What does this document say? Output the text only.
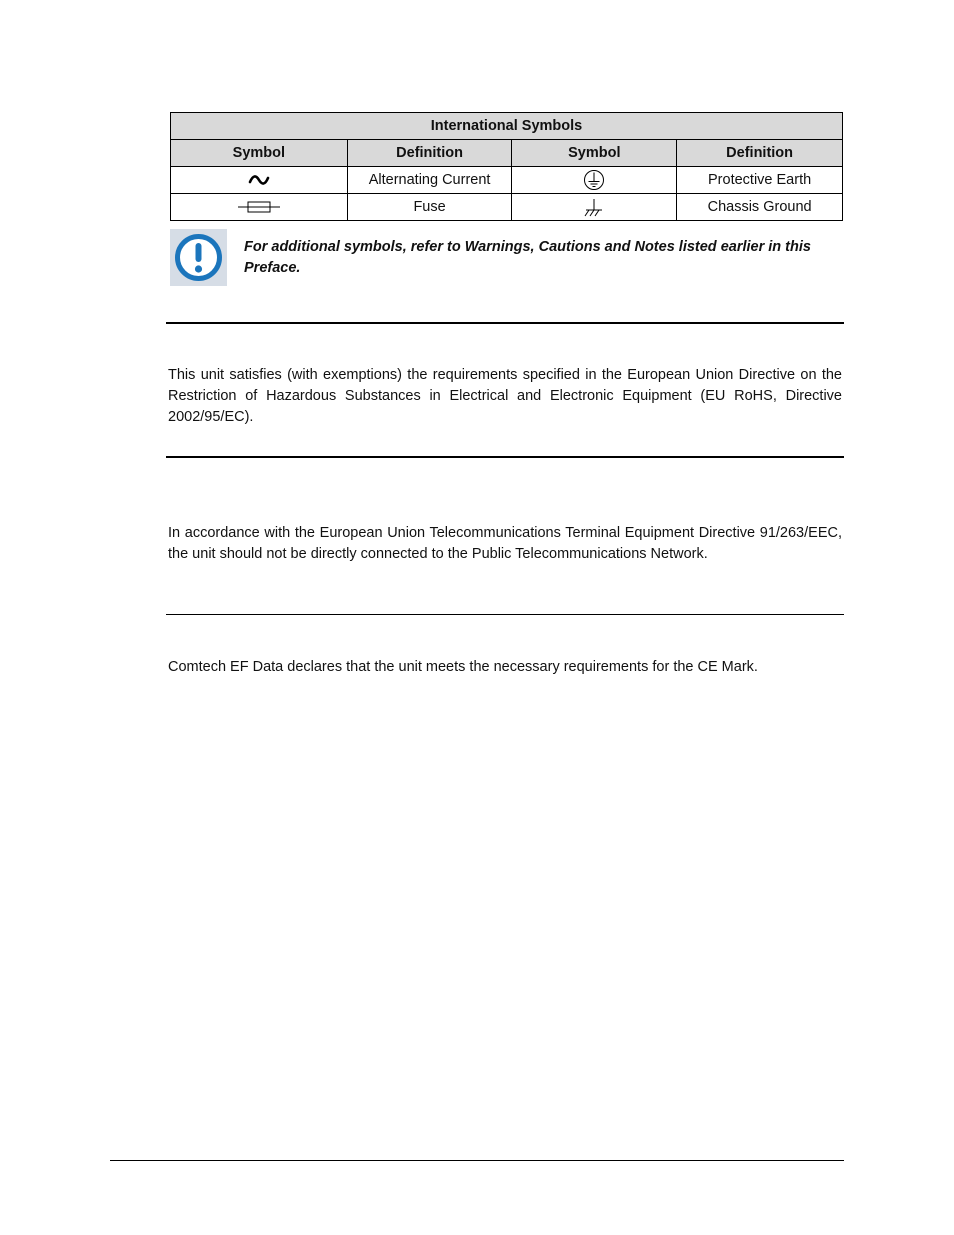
International Symbols			
Symbol	Definition	Symbol	Definition

	Alternating Current		Protective Earth

	Fuse		Chassis Ground
For additional symbols, refer to Warnings, Cautions and Notes listed earlier in this Preface.
This unit satisfies (with exemptions) the requirements specified in the European Union Directive on the Restriction of Hazardous Substances in Electrical and Electronic Equipment (EU RoHS, Directive 2002/95/EC).
In accordance with the European Union Telecommunications Terminal Equipment Directive 91/263/EEC, the unit should not be directly connected to the Public Telecommunications Network.
Comtech EF Data declares that the unit meets the necessary requirements for the CE Mark.
